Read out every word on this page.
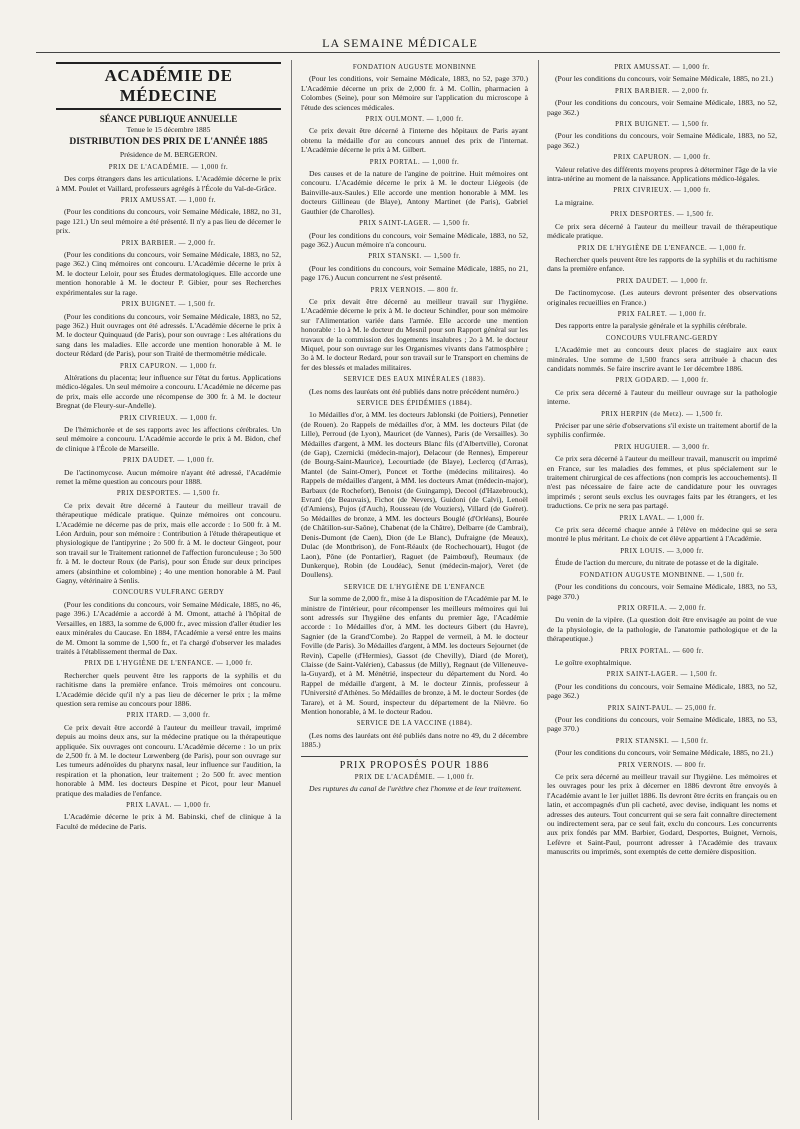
LA SEMAINE MÉDICALE
ACADÉMIE DE MÉDECINE
SÉANCE PUBLIQUE ANNUELLE
Tenue le 15 décembre 1885
DISTRIBUTION DES PRIX DE L'ANNÉE 1885
Présidence de M. BERGERON.
PRIX DE L'ACADÉMIE. — 1,000 fr.

Des corps étrangers dans les articulations. L'Académie décerne le prix à MM. Poulet et Vaillard, professeurs agrégés à l'École du Val-de-Grâce.

PRIX AMUSSAT. — 1,000 fr.

(Pour les conditions du concours, voir Semaine Médicale, 1882, no 31, page 121.) Un seul mémoire a été présenté. Il n'y a pas lieu de décerner le prix.

PRIX BARBIER. — 2,000 fr.

(Pour les conditions du concours, voir Semaine Médicale, 1883, no 52, page 362.) Cinq mémoires ont concouru. L'Académie décerne le prix à M. le docteur Leloir, pour ses Études dermatologiques. Elle accorde une mention honorable à M. le docteur P. Gibier, pour ses Recherches expérimentales sur la rage.

PRIX BUIGNET. — 1,500 fr.

(Pour les conditions du concours, voir Semaine Médicale, 1883, no 52, page 362.) Huit ouvrages ont été adressés. L'Académie décerne le prix à M. le docteur Quinquaud (de Paris), pour son ouvrage : Les altérations du sang dans les maladies. Elle accorde une mention honorable à M. le docteur Rédard (de Paris), pour son Traité de thermométrie médicale.

PRIX CAPURON. — 1,000 fr.

Altérations du placenta; leur influence sur l'état du fœtus. Applications médico-légales. Un seul mémoire a concouru. L'Académie ne décerne pas de prix, mais elle accorde une récompense de 300 fr. à M. le docteur Bregnat (de Fleury-sur-Andelle).

PRIX CIVRIEUX. — 1,000 fr.

De l'hémichorée et de ses rapports avec les affections cérébrales. Un seul mémoire a concouru. L'Académie accorde le prix à M. Bidon, chef de clinique à l'École de Marseille.

PRIX DAUDET. — 1,000 fr.

De l'actinomycose. Aucun mémoire n'ayant été adressé, l'Académie remet la même question au concours pour 1888.

PRIX DESPORTES. — 1,500 fr.

Ce prix devait être décerné à l'auteur du meilleur travail de thérapeutique médicale pratique. Quinze mémoires ont concouru. L'Académie ne décerne pas de prix, mais elle accorde : 1o 500 fr. à M. Léon Arduin, pour son mémoire : Contribution à l'étude thérapeutique et physiologique de l'antipyrine ; 2o 500 fr. à M. le docteur Gingeot, pour son travail sur le Traitement rationnel de l'affection furonculeuse ; 3o 500 fr. à M. le docteur Roux (de Paris), pour son Étude sur deux principes amers (absinthine et colombine) ; 4o une mention honorable à M. Paul Gagny, vétérinaire à Senlis.

CONCOURS VULFRANC GERDY

(Pour les conditions du concours, voir Semaine Médicale, 1885, no 46, page 396.) L'Académie a accordé à M. Omont, attaché à l'hôpital de Versailles, en 1883, la somme de 6,000 fr., avec mission d'aller étudier les eaux minérales du Caucase. En 1884, l'Académie a versé entre les mains de M. Omont la somme de 1,500 fr., et l'a chargé d'observer les malades traités à l'établissement thermal de Dax.

PRIX DE L'HYGIÈNE DE L'ENFANCE. — 1,000 fr.

Rechercher quels peuvent être les rapports de la syphilis et du rachitisme dans la première enfance. Trois mémoires ont concouru. L'Académie décide qu'il n'y a pas lieu de décerner le prix ; la même question sera remise au concours pour 1886.

PRIX ITARD. — 3,000 fr.

Ce prix devait être accordé à l'auteur du meilleur travail, imprimé depuis au moins deux ans, sur la médecine pratique ou la thérapeutique appliquée. Six ouvrages ont concouru. L'Académie décerne : 1o un prix de 2,500 fr. à M. le docteur Lœwenberg (de Paris), pour son ouvrage sur Les tumeurs adénoïdes du pharynx nasal, leur influence sur l'audition, la respiration et la phonation, leur traitement ; 2o 500 fr. avec mention honorable à MM. les docteurs Despine et Picot, pour leur Manuel pratique des maladies de l'enfance.

PRIX LAVAL. — 1,000 fr.

L'Académie décerne le prix à M. Babinski, chef de clinique à la Faculté de médecine de Paris.

FONDATION AUGUSTE MONBINNE

(Pour les conditions, voir Semaine Médicale, 1883, no 52, page 370.) L'Académie décerne un prix de 2,000 fr. à M. Collin, pharmacien à Colombes (Seine), pour son Mémoire sur l'application du microscope à l'étude des sciences médicales.

PRIX OULMONT. — 1,000 fr.

Ce prix devait être décerné à l'interne des hôpitaux de Paris ayant obtenu la médaille d'or au concours annuel des prix de l'internat. L'Académie décerne le prix à M. Gilbert.

PRIX PORTAL. — 1,000 fr.

Des causes et de la nature de l'angine de poitrine. Huit mémoires ont concouru. L'Académie décerne le prix à M. le docteur Liégeois (de Bainville-aux-Saules.) Elle accorde une mention honorable à MM. les docteurs Gillineau (de Blaye), Antony Martinet (de Paris), Gabriel Gauthier (de Charolles).

PRIX SAINT-LAGER. — 1,500 fr.

(Pour les conditions du concours, voir Semaine Médicale, 1883, no 52, page 362.) Aucun mémoire n'a concouru.

PRIX STANSKI. — 1,500 fr.

(Pour les conditions du concours, voir Semaine Médicale, 1885, no 21, page 176.) Aucun concurrent ne s'est présenté.

PRIX VERNOIS. — 800 fr.

Ce prix devait être décerné au meilleur travail sur l'hygiène. L'Académie décerne le prix à M. le docteur Schindler, pour son mémoire sur l'Alimentation variée dans l'armée. Elle accorde une mention honorable : 1o à M. le docteur du Mesnil pour son Rapport général sur les travaux de la commission des logements insalubres ; 2o à M. le docteur Miquel, pour son ouvrage sur les Organismes vivants dans l'atmosphère ; 3o à M. le docteur Redard, pour son travail sur le Transport en chemins de fer des blessés et malades militaires.

SERVICE DES EAUX MINÉRALES (1883).

(Les noms des lauréats ont été publiés dans notre précédent numéro.)

SERVICE DES ÉPIDÉMIES (1884).

1o Médailles d'or, à MM. les docteurs Jablonski (de Poitiers), Pennetier (de Rouen). 2o Rappels de médailles d'or, à MM. les docteurs Pilat (de Lille), Perroud (de Lyon), Mauricet (de Vannes), Paris (de Versailles). 3o Médailles d'argent, à MM. les docteurs Blanc fils (d'Albertville), Coronat (de Gap), Czernicki (médecin-major), Delacour (de Rennes), Empereur (de Bourg-Saint-Maurice), Lecourtiade (de Blaye), Leclercq (d'Arras), Mantel (de Saint-Omer), Poncet et Torthe (médecins militaires). 4o Rappels de médailles d'argent, à MM. les docteurs Amat (médecin-major), Barbaux (de Rochefort), Benoist (de Guingamp), Decool (d'Hazebrouck), Evrard (de Beauvais), Fichot (de Nevers), Guidoni (de Calvi), Lenoël (d'Amiens), Pujos (d'Auch), Rousseau (de Vouziers), Villard (de Guéret). 5o Médailles de bronze, à MM. les docteurs Bouglé (d'Orléans), Bourée (de Châtillon-sur-Saône), Chabenat (de la Châtre), Delbarre (de Cambrai), Denis-Dumont (de Caen), Dion (de Le Blanc), Dufraigne (de Meaux), Dulac (de Montbrison), de Font-Réaulx (de Rochechouart), Hugot (de Laon), Pône (de Pontarlier), Raguet (de Paimbœuf), Reumaux (de Dunkerque), Robin (de Loudéac), Senut (médecin-major), Veret (de Doullens).

SERVICE DE L'HYGIÈNE DE L'ENFANCE

Sur la somme de 2,000 fr., mise à la disposition de l'Académie par M. le ministre de l'intérieur, pour récompenser les meilleurs mémoires qui lui sont adressés sur l'hygiène des enfants du premier âge, l'Académie accorde : 1o Médailles d'or, à MM. les docteurs Gibert (du Havre), Sagnier (de la Grand'Combe). 2o Rappel de vermeil, à M. le docteur Foville (de Paris). 3o Médailles d'argent, à MM. les docteurs Sejournet (de Revin), Capelle (d'Hermies), Gassot (de Chevilly), Diard (de Moret), Claisse (de Saint-Valérien), Cabassus (de Milly), Regnaut (de Villeneuve-la-Guyard), et à M. Ménétrié, inspecteur du département du Nord. 4o Rappel de médaille d'argent, à M. le docteur Zinnis, professeur à l'Université d'Athènes. 5o Médailles de bronze, à M. le docteur Sordes (de Tarare), et à M. Sourd, inspecteur du département de la Nièvre. 6o Mention honorable, à M. le docteur Radou.

SERVICE DE LA VACCINE (1884).

(Les noms des lauréats ont été publiés dans notre no 49, du 2 décembre 1885.)

PRIX PROPOSÉS POUR 1886
PRIX DE L'ACADÉMIE. — 1,000 fr.

Des ruptures du canal de l'urèthre chez l'homme et de leur traitement.

PRIX AMUSSAT. — 1,000 fr.

(Pour les conditions du concours, voir Semaine Médicale, 1885, no 21.)

PRIX BARBIER. — 2,000 fr.

(Pour les conditions du concours, voir Semaine Médicale, 1883, no 52, page 362.)

PRIX BUIGNET. — 1,500 fr.

(Pour les conditions du concours, voir Semaine Médicale, 1883, no 52, page 362.)

PRIX CAPURON. — 1,000 fr.

Valeur relative des différents moyens propres à déterminer l'âge de la vie intra-utérine au moment de la naissance. Applications médico-légales.

PRIX CIVRIEUX. — 1,000 fr.

La migraine.

PRIX DESPORTES. — 1,500 fr.

Ce prix sera décerné à l'auteur du meilleur travail de thérapeutique médicale pratique.

PRIX DE L'HYGIÈNE DE L'ENFANCE. — 1,000 fr.

Rechercher quels peuvent être les rapports de la syphilis et du rachitisme dans la première enfance.

PRIX DAUDET. — 1,000 fr.

De l'actinomycose. (Les auteurs devront présenter des observations originales recueillies en France.)

PRIX FALRET. — 1,000 fr.

Des rapports entre la paralysie générale et la syphilis cérébrale.

CONCOURS VULFRANC-GERDY

L'Académie met au concours deux places de stagiaire aux eaux minérales. Une somme de 1,500 francs sera attribuée à chacun des candidats nommés. Se faire inscrire avant le 1er décembre 1886.

PRIX GODARD. — 1,000 fr.

Ce prix sera décerné à l'auteur du meilleur ouvrage sur la pathologie interne.

PRIX HERPIN (de Metz). — 1,500 fr.

Préciser par une série d'observations s'il existe un traitement abortif de la syphilis confirmée.

PRIX HUGUIER. — 3,000 fr.

Ce prix sera décerné à l'auteur du meilleur travail, manuscrit ou imprimé en France, sur les maladies des femmes, et plus spécialement sur le traitement chirurgical de ces affections (non compris les accouchements). Il n'est pas nécessaire de faire acte de candidature pour les ouvrages imprimés ; seront seuls exclus les ouvrages faits par les étrangers, et les traductions. Ce prix ne sera pas partagé.

PRIX LAVAL. — 1,000 fr.

Ce prix sera décerné chaque année à l'élève en médecine qui se sera montré le plus méritant. Le choix de cet élève appartient à l'Académie.

PRIX LOUIS. — 3,000 fr.

Étude de l'action du mercure, du nitrate de potasse et de la digitale.

FONDATION AUGUSTE MONBINNE. — 1,500 fr.

(Pour les conditions du concours, voir Semaine Médicale, 1883, no 53, page 370.)

PRIX ORFILA. — 2,000 fr.

Du venin de la vipère. (La question doit être envisagée au point de vue de la physiologie, de la pathologie, de l'anatomie pathologique et de la thérapeutique.)

PRIX PORTAL. — 600 fr.

Le goître exophtalmique.

PRIX SAINT-LAGER. — 1,500 fr.

(Pour les conditions du concours, voir Semaine Médicale, 1883, no 52, page 362.)

PRIX SAINT-PAUL. — 25,000 fr.

(Pour les conditions du concours, voir Semaine Médicale, 1883, no 53, page 370.)

PRIX STANSKI. — 1,500 fr.

(Pour les conditions du concours, voir Semaine Médicale, 1885, no 21.)

PRIX VERNOIS. — 800 fr.

Ce prix sera décerné au meilleur travail sur l'hygiène. Les mémoires et les ouvrages pour les prix à décerner en 1886 devront être envoyés à l'Académie avant le 1er juillet 1886. Ils devront être écrits en français ou en latin, et accompagnés d'un pli cacheté, avec devise, indiquant les noms et adresses des auteurs. Tout concurrent qui se sera fait connaître directement ou indirectement sera, par ce seul fait, exclu du concours. Les concurrents aux prix fondés par MM. Barbier, Godard, Desportes, Buignet, Vernois, Lefèvre et Saint-Paul, pourront adresser à l'Académie des travaux manuscrits ou imprimés, sont exemptés de cette dernière disposition.
